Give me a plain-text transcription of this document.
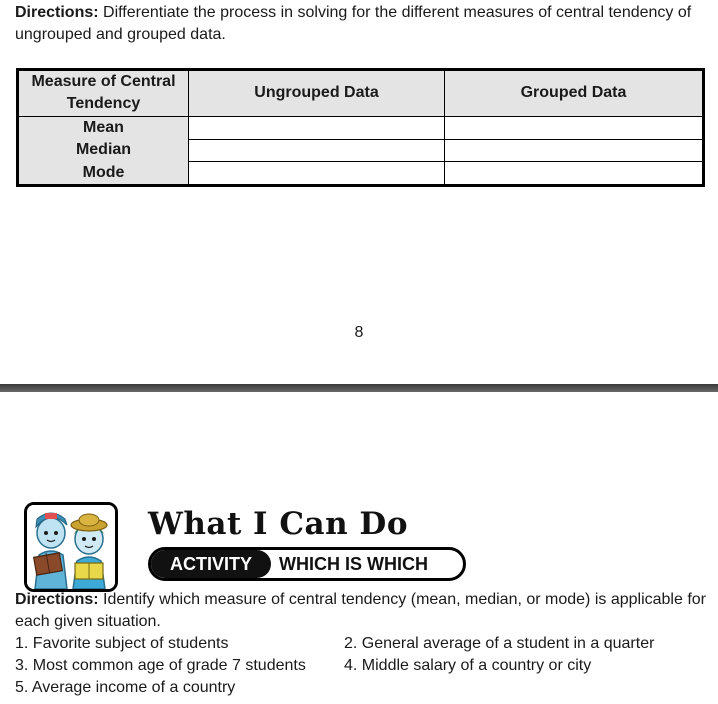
Directions: Differentiate the process in solving for the different measures of central tendency of ungrouped and grouped data.
Measure of Central Tendency	Ungrouped Data	Grouped Data
Mean		
Median		
Mode		
8
What I Can Do
ACTIVITY	WHICH IS WHICH
Directions: Identify which measure of central tendency (mean, median, or mode) is applicable for each given situation.
1. Favorite subject of students	2. General average of a student in a quarter
3. Most common age of grade 7 students 4. Middle salary of a country or city
5. Average income of a country
